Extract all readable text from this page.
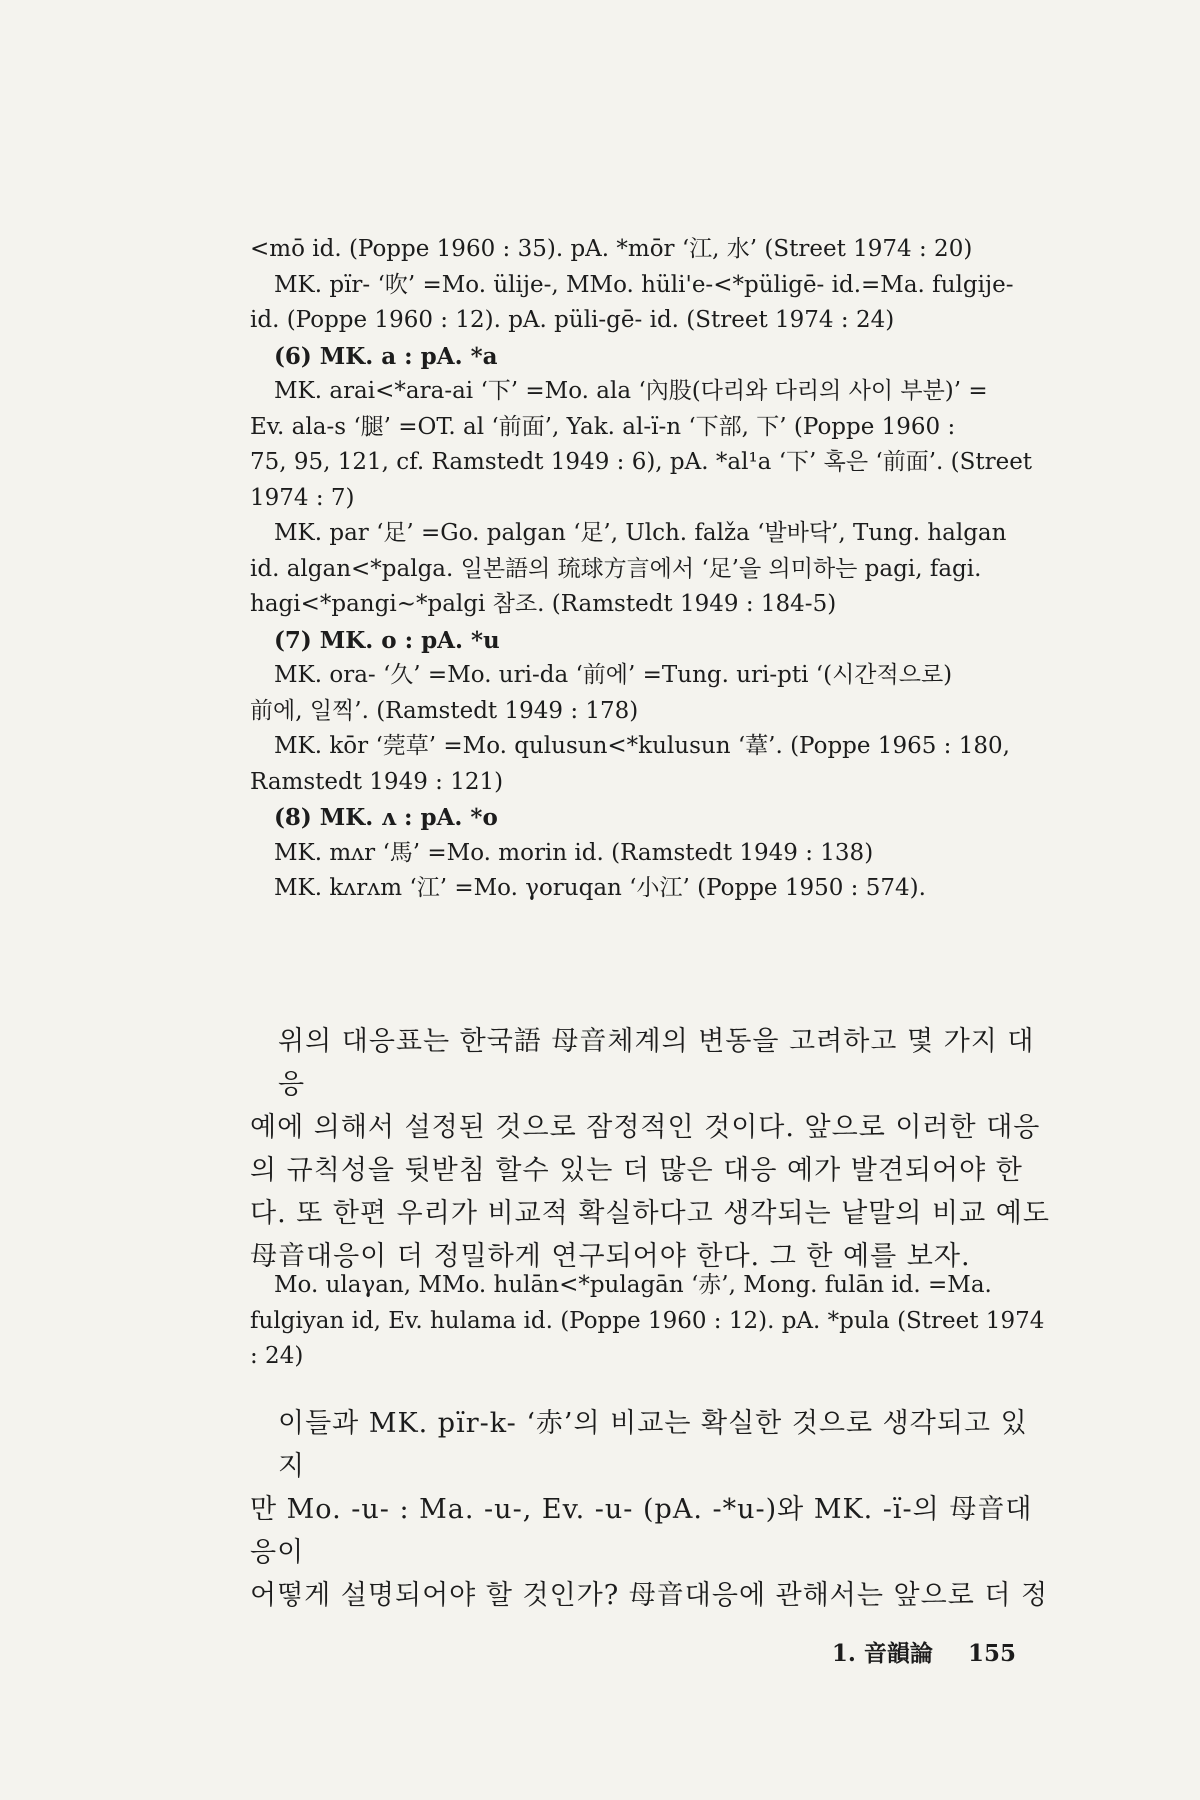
<mō id. (Poppe 1960 : 35). pA. *mōr ‘江, 水’ (Street 1974 : 20)
MK. pïr- ‘吹’ =Mo. ülije-, MMo. hüli'e-<*püligē- id.=Ma. fulgije-
id. (Poppe 1960 : 12). pA. püli-gē- id. (Street 1974 : 24)
(6) MK. a : pA. *a
MK. arai<*ara-ai ‘下’ =Mo. ala ‘內股(다리와 다리의 사이 부분)’ =
Ev. ala-s ‘腿’ =OT. al ‘前面’, Yak. al-ï-n ‘下部, 下’ (Poppe 1960 :
75, 95, 121, cf. Ramstedt 1949 : 6), pA. *al¹a ‘下’ 혹은 ‘前面’. (Street
1974 : 7)
MK. par ‘足’ =Go. palgan ‘足’, Ulch. falža ‘발바닥’, Tung. halgan
id. algan<*palga. 일본語의 琉球方言에서 ‘足’을 의미하는 pagi, fagi.
hagi<*pangi∼*palgi 참조. (Ramstedt 1949 : 184-5)
(7) MK. o : pA. *u
MK. ora- ‘久’ =Mo. uri-da ‘前에’ =Tung. uri-pti ‘(시간적으로)
前에, 일찍’. (Ramstedt 1949 : 178)
MK. kōr ‘莞草’ =Mo. qulusun<*kulusun ‘葦’. (Poppe 1965 : 180,
Ramstedt 1949 : 121)
(8) MK. ʌ : pA. *o
MK. mʌr ‘馬’ =Mo. morin id. (Ramstedt 1949 : 138)
MK. kʌrʌm ‘江’ =Mo. γoruqan ‘小江’ (Poppe 1950 : 574).
위의 대응표는 한국語 母音체계의 변동을 고려하고 몇 가지 대응
예에 의해서 설정된 것으로 잠정적인 것이다. 앞으로 이러한 대응
의 규칙성을 뒷받침 할수 있는 더 많은 대응 예가 발견되어야 한
다. 또 한편 우리가 비교적 확실하다고 생각되는 낱말의 비교 예도
母音대응이 더 정밀하게 연구되어야 한다. 그 한 예를 보자.
Mo. ulaγan, MMo. hulān<*pulagān ‘赤’, Mong. fulān id. =Ma.
fulgiyan id, Ev. hulama id. (Poppe 1960 : 12). pA. *pula (Street 1974
: 24)
이들과 MK. pïr-k- ‘赤’의 비교는 확실한 것으로 생각되고 있지
만 Mo. -u- : Ma. -u-, Ev. -u- (pA. -*u-)와 MK. -ï-의 母音대응이
어떻게 설명되어야 할 것인가? 母音대응에 관해서는 앞으로 더 정
1. 音韻論 155
